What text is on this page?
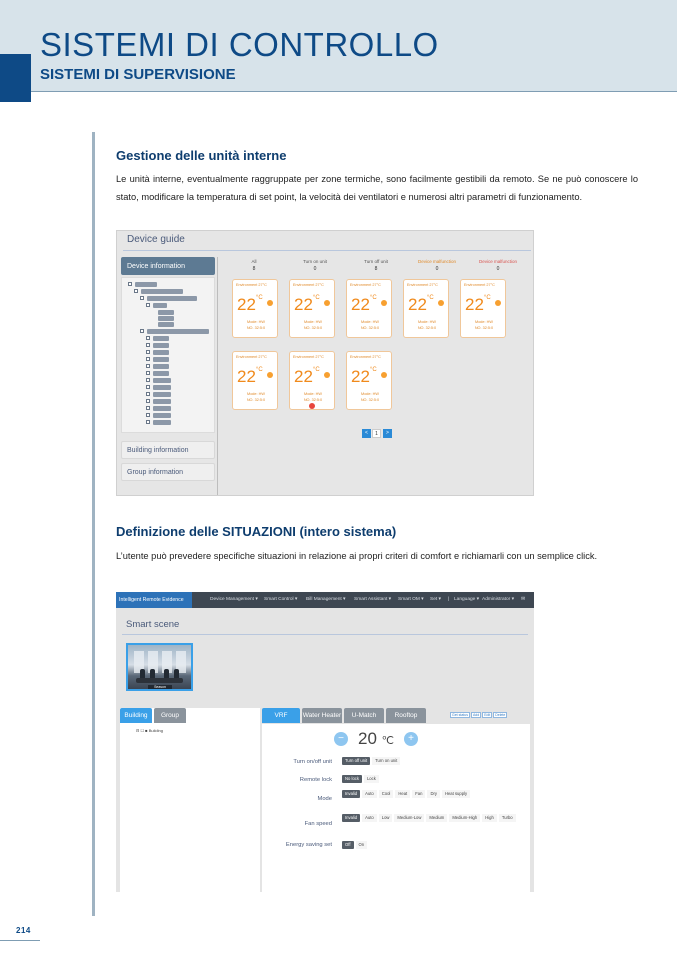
SISTEMI DI CONTROLLO
SISTEMI DI SUPERVISIONE
Gestione delle unità interne
Le unità interne, eventualmente raggruppate per zone termiche, sono facilmente gestibili da remoto. Se ne può conoscere lo stato, modificare la temperatura di set point, la velocità dei ventilatori e numerosi altri parametri di funzionamento.
Device guide
Device information
Building information
Group information
All
8
Turn on unit
0
Turn off unit
8
Device malfunction
0
Device malfunction
0
Environment 27°C
$22^{^\circ C}$
Mode: HW
NO. 32:5:0
Environment 27°C
$22^{^\circ C}$
Mode: HW
NO. 32:5:0
Environment 27°C
$22^{^\circ C}$
Mode: HW
NO. 32:5:0
Environment 27°C
$22^{^\circ C}$
Mode: HW
NO. 32:5:0
Environment 27°C
$22^{^\circ C}$
Mode: HW
NO. 32:5:0
Environment 27°C
$22^{^\circ C}$
Mode: HW
NO. 32:5:0
Environment 27°C
$22^{^\circ C}$
Mode: HW
NO. 32:5:0
Environment 27°C
$22^{^\circ C}$
Mode: HW
NO. 32:5:0
<	1	>
Definizione delle SITUAZIONI (intero sistema)
L’utente può prevedere specifiche situazioni in relazione ai propri criteri di comfort e richiamarli con un semplice click.
Intelligent Remote Evidence	Device Management ▾ Smart Control ▾ Bill Management ▾ Smart Assistant ▾ Smart OM ▾ Set ▾ | Language ▾ Administrator ▾ ✉
Smart scene
Season
Building	Group
⊟ ☐ ■ Building
VRF	Water Heater	U-Match	Rooftop	Get status Add Edit Delete
− 20 ℃	+
Turn on/off unit	Turn off unit Turn on unit
Remote lock	No lock Lock
Mode
Invalid Auto Cool Heat Fan Dry Heat supply
Fan speed
Invalid Auto Low Medium-Low Medium Medium-High High Turbo
Energy saving set	Off On
214
